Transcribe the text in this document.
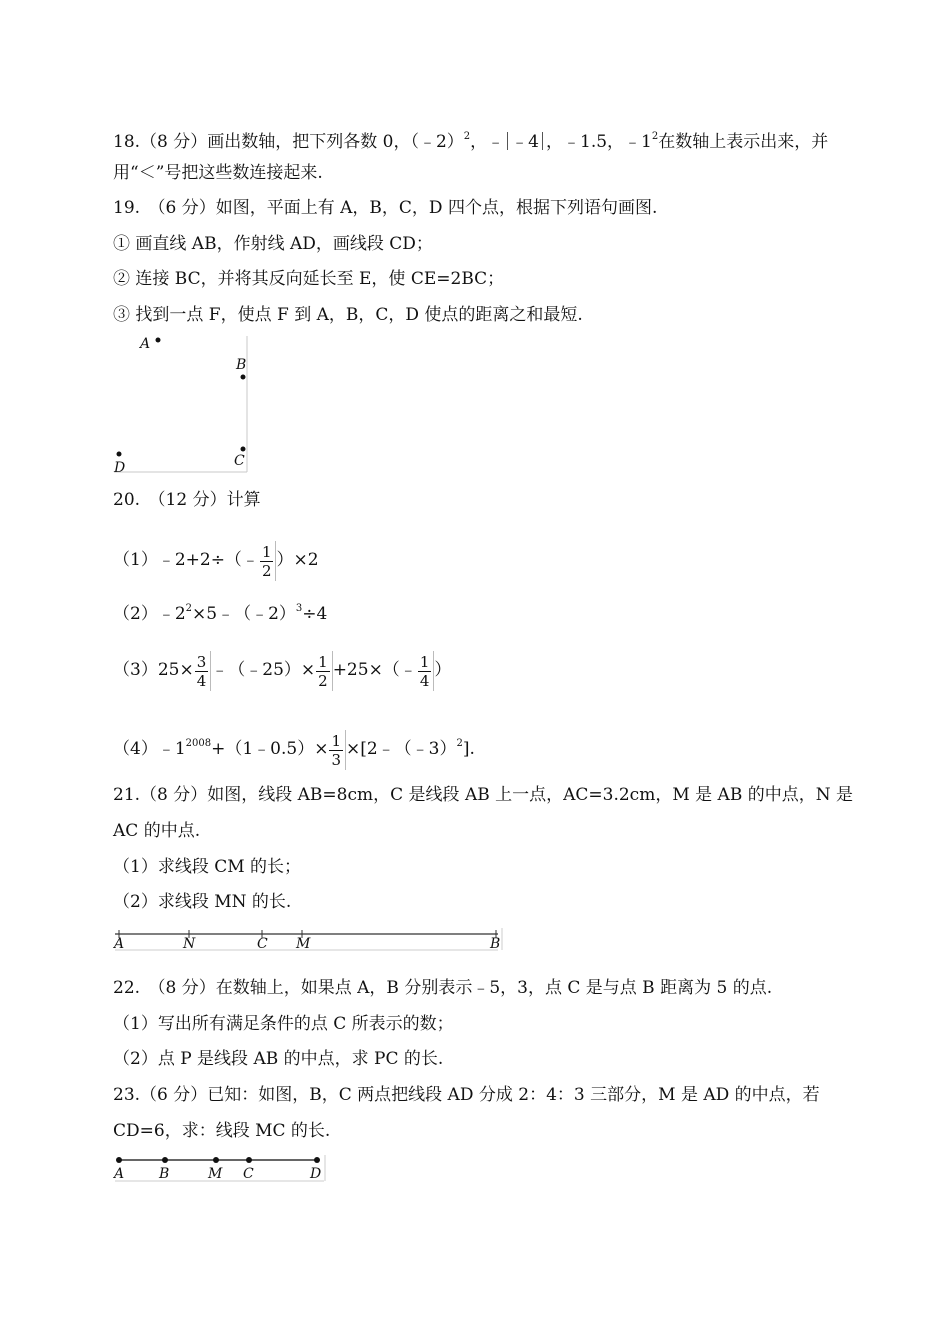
18.（8 分）画出数轴，把下列各数 0，（﹣2）$^2$，﹣ ﹣4 ，﹣1.5，$﹣1^2$在数轴上表示出来，并
用“＜”号把这些数连接起来.
19.　（6 分）如图，平面上有 A，B，C，D 四个点，根据下列语句画图.
① 画直线 AB，作射线 AD，画线段 CD；
② 连接 BC，并将其反向延长至 E，使 CE=2BC；
③ 找到一点 F，使点 F 到 A，B，C，D 使点的距离之和最短.
A
B
C
D
20.　（12 分）计算
（1）﹣2+2÷（﹣ $\frac{1}{2} )\times 2$
$(2)﹣2^2\times 5﹣(﹣2)^3\div 4$
$(3)25\times \frac{3}{4}$ ﹣（﹣25）× $\frac{1}{2}$ +25×（﹣ $\frac{1}{4}$ ）
$(4)﹣1^{2008}+(1﹣0.5)\times \frac{1}{3}$ ×[2﹣（﹣3）$^2$].
21.（8 分）如图，线段 AB=8cm，C 是线段 AB 上一点，AC=3.2cm，M 是 AB 的中点，N 是
AC 的中点.
（1）求线段 CM 的长；
（2）求线段 MN 的长.
A	N	C M	B
22.　（8 分）在数轴上，如果点 A，B 分别表示﹣5，3，点 C 是与点 B 距离为 5 的点.
（1）写出所有满足条件的点 C 所表示的数；
（2）点 P 是线段 AB 的中点，求 PC 的长.
23.（6 分）已知：如图，B，C 两点把线段 AD 分成 2：4：3 三部分，M 是 AD 的中点，若
CD=6，求：线段 MC 的长.
A B	M C	D
